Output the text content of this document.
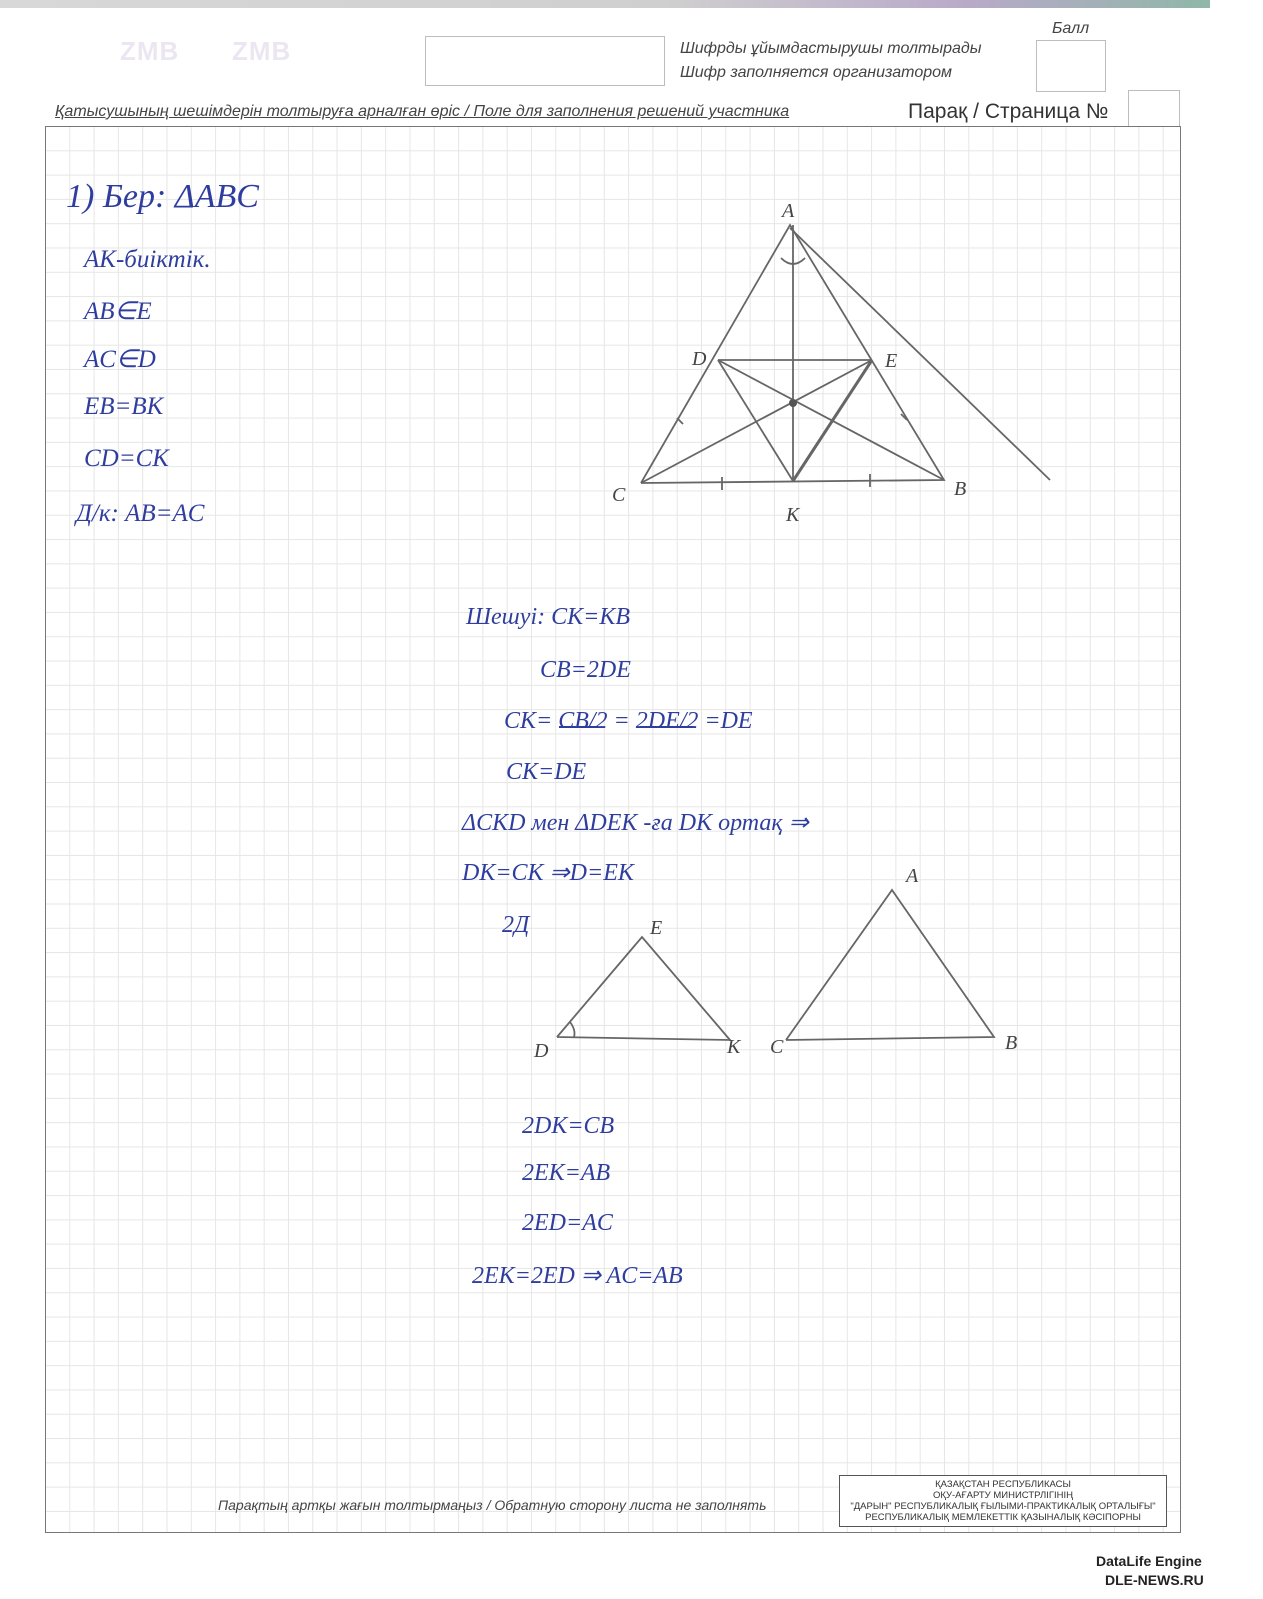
ZMB ZMB	Шифрды ұйымдастырушы толтырады
Шифр заполняется организатором
Балл
Қатысушының шешімдерін толтыруға арналған өріс / Поле для заполнения решений участника	Парақ / Страница №
A
D	E
C
K
B
E
D	K
A
C	B
1) Бер: ΔABC
AK-биіктік.
AB∈E
AC∈D
EB=BK
CD=CK
Д/к: AB=AC
Шешуі: CK=KB
CB=2DE
CK= CB/2 = 2DE/2 =DE
CK=DE
ΔCKD мен ΔDEK -ға DK ортақ ⇒
DK=CK ⇒D=EK
2Д
2DK=CB
2EK=AB
2ED=AC
2EK=2ED ⇒ AC=AB
Парақтың артқы жағын толтырмаңыз / Обратную сторону листа не заполнять
ҚАЗАҚСТАН РЕСПУБЛИКАСЫ
ОҚУ-АҒАРТУ МИНИСТРЛІГІНІҢ
"ДАРЫН" РЕСПУБЛИКАЛЫҚ ҒЫЛЫМИ-ПРАКТИКАЛЫҚ ОРТАЛЫҒЫ"
РЕСПУБЛИКАЛЫҚ МЕМЛЕКЕТТІК ҚАЗЫНАЛЫҚ КӘСІПОРНЫ
DataLife Engine
DLE-NEWS.RU
